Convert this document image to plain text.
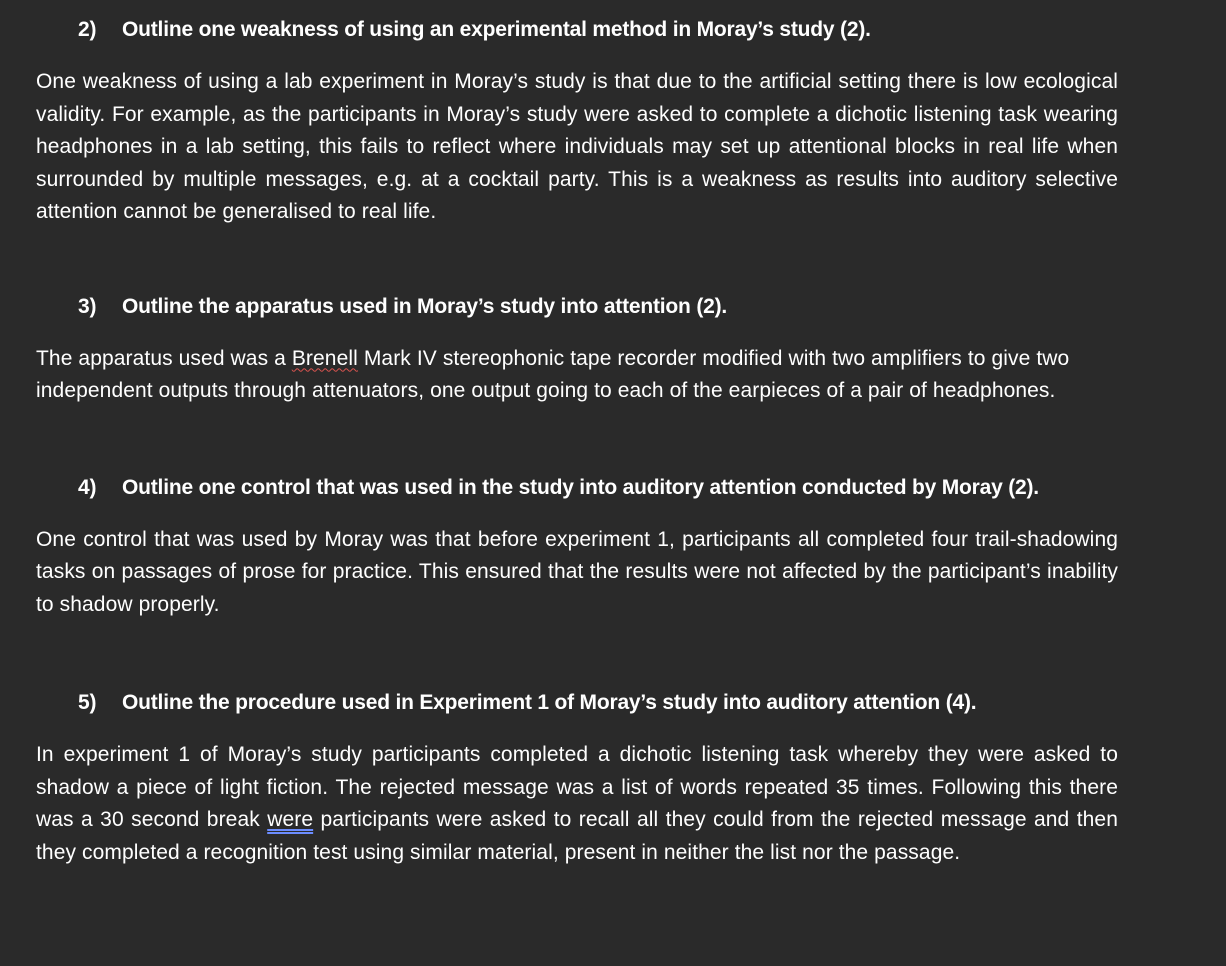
2) Outline one weakness of using an experimental method in Moray’s study (2).

One weakness of using a lab experiment in Moray’s study is that due to the artificial setting there is low ecological validity. For example, as the participants in Moray’s study were asked to complete a dichotic listening task wearing headphones in a lab setting, this fails to reflect where individuals may set up attentional blocks in real life when surrounded by multiple messages, e.g. at a cocktail party. This is a weakness as results into auditory selective attention cannot be generalised to real life.

3) Outline the apparatus used in Moray’s study into attention (2).

The apparatus used was a Brenell Mark IV stereophonic tape recorder modified with two amplifiers to give two independent outputs through attenuators, one output going to each of the earpieces of a pair of headphones.

4) Outline one control that was used in the study into auditory attention conducted by Moray (2).

One control that was used by Moray was that before experiment 1, participants all completed four trail-shadowing tasks on passages of prose for practice. This ensured that the results were not affected by the participant’s inability to shadow properly.

5) Outline the procedure used in Experiment 1 of Moray’s study into auditory attention (4).

In experiment 1 of Moray’s study participants completed a dichotic listening task whereby they were asked to shadow a piece of light fiction. The rejected message was a list of words repeated 35 times. Following this there was a 30 second break were participants were asked to recall all they could from the rejected message and then they completed a recognition test using similar material, present in neither the list nor the passage.
